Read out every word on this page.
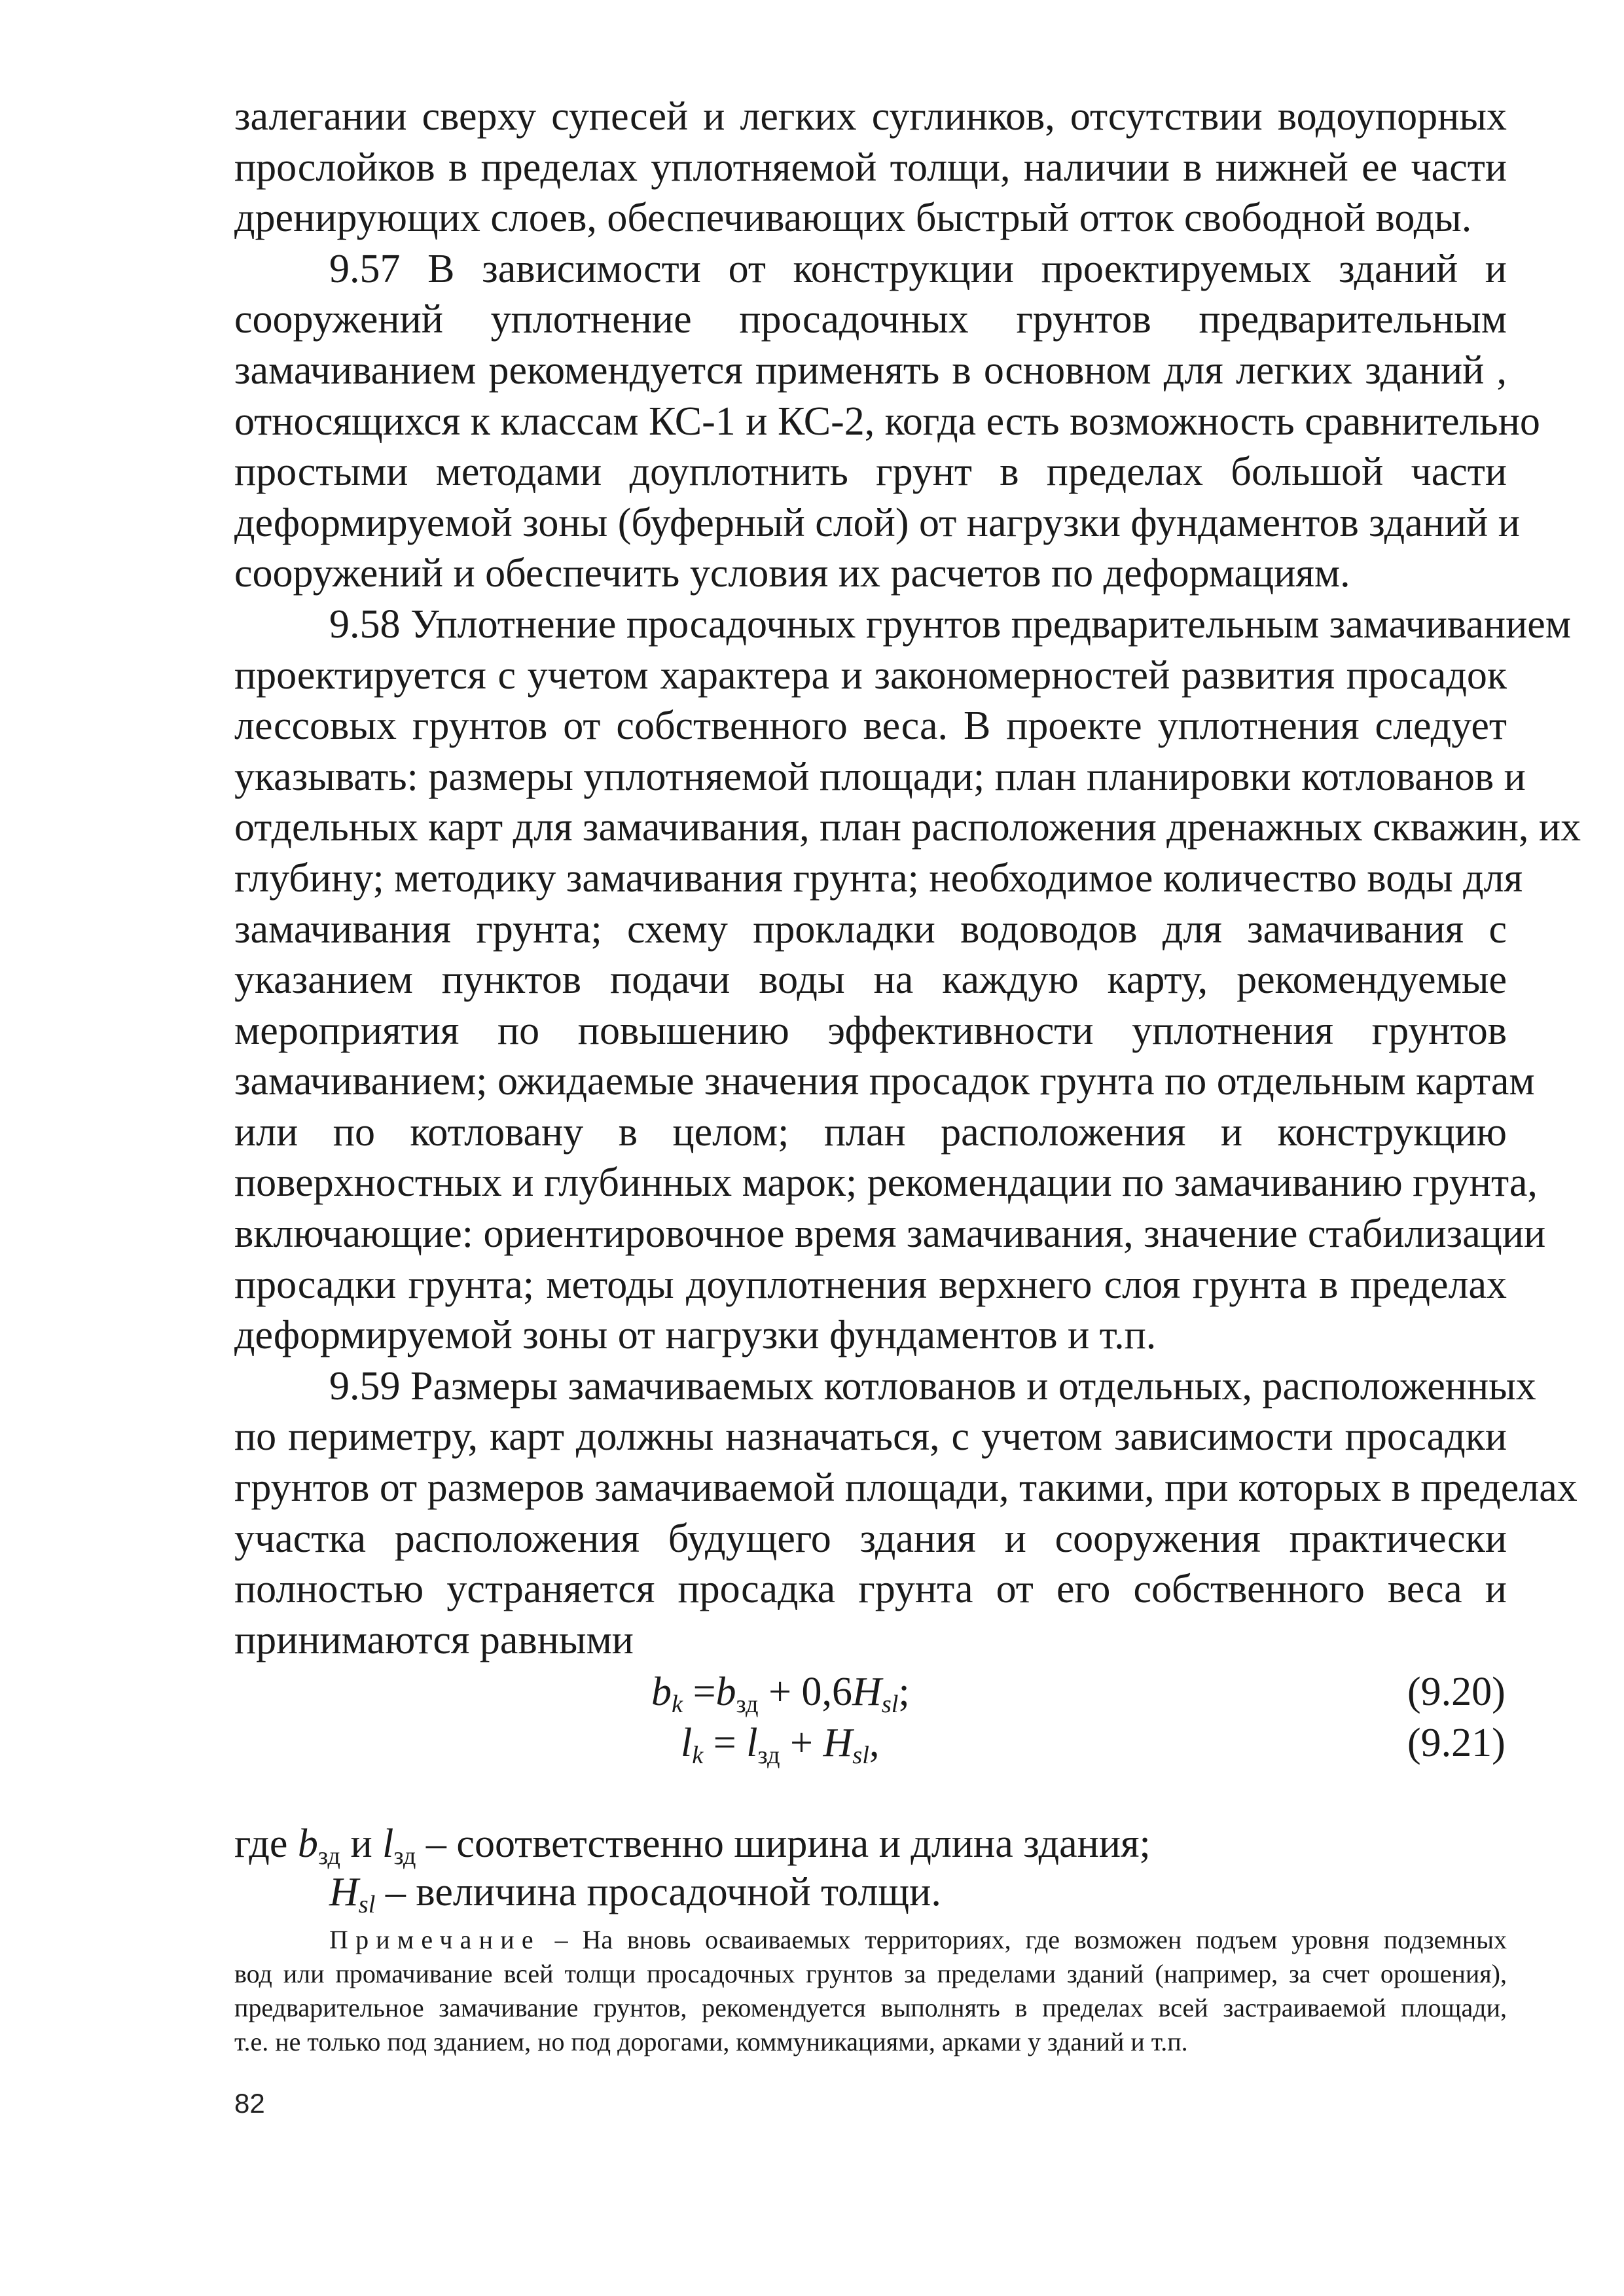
залегании сверху супесей и легких суглинков, отсутствии водоупорных
прослойков в пределах уплотняемой толщи, наличии в нижней ее части
дренирующих слоев, обеспечивающих быстрый отток свободной воды.
9.57 В зависимости от конструкции проектируемых зданий и
сооружений уплотнение просадочных грунтов предварительным
замачиванием рекомендуется применять в основном для легких зданий ,
относящихся к классам КС-1 и КС-2, когда есть возможность сравнительно
простыми методами доуплотнить грунт в пределах большой части
деформируемой зоны (буферный слой) от нагрузки фундаментов зданий и
сооружений и обеспечить условия их расчетов по деформациям.
9.58 Уплотнение просадочных грунтов предварительным замачиванием
проектируется с учетом характера и закономерностей развития просадок
лессовых грунтов от собственного веса. В проекте уплотнения следует
указывать: размеры уплотняемой площади; план планировки котлованов и
отдельных карт для замачивания, план расположения дренажных скважин, их
глубину; методику замачивания грунта; необходимое количество воды для
замачивания грунта; схему прокладки водоводов для замачивания с
указанием пунктов подачи воды на каждую карту, рекомендуемые
мероприятия по повышению эффективности уплотнения грунтов
замачиванием; ожидаемые значения просадок грунта по отдельным картам
или по котловану в целом; план расположения и конструкцию
поверхностных и глубинных марок; рекомендации по замачиванию грунта,
включающие: ориентировочное время замачивания, значение стабилизации
просадки грунта; методы доуплотнения верхнего слоя грунта в пределах
деформируемой зоны от нагрузки фундаментов и т.п.
9.59 Размеры замачиваемых котлованов и отдельных, расположенных
по периметру, карт должны назначаться, с учетом зависимости просадки
грунтов от размеров замачиваемой площади, такими, при которых в пределах
участка расположения будущего здания и сооружения практически
полностью устраняется просадка грунта от его собственного веса и
принимаются равными
$b_k =b_{зд} + 0,6H_{sl}$;	(9.20)
$l_k = l_{зд} + H_{sl}$,	(9.21)
где $b_{зд}$ и $l_{зд}$ – соответственно ширина и длина здания;
$H_{sl}$ – величина просадочной толщи.
Примечание – На вновь осваиваемых территориях, где возможен подъем уровня подземных
вод или промачивание всей толщи просадочных грунтов за пределами зданий (например, за счет орошения),
предварительное замачивание грунтов, рекомендуется выполнять в пределах всей застраиваемой площади,
т.е. не только под зданием, но под дорогами, коммуникациями, арками у зданий и т.п.
82
